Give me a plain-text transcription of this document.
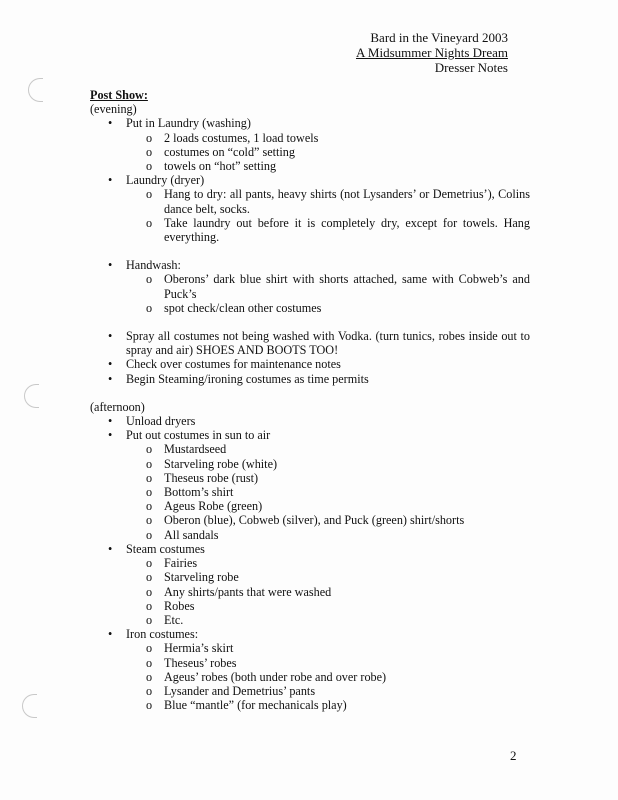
Bard in the Vineyard 2003
A Midsummer Nights Dream
Dresser Notes
Post Show:
(evening)
• Put in Laundry (washing)
o 2 loads costumes, 1 load towels
o costumes on “cold” setting
o towels on “hot” setting
• Laundry (dryer)
o Hang to dry: all pants, heavy shirts (not Lysanders’ or Demetrius’), Colins dance belt, socks.
o Take laundry out before it is completely dry, except for towels. Hang everything.
• Handwash:
o Oberons’ dark blue shirt with shorts attached, same with Cobweb’s and Puck’s
o spot check/clean other costumes
• Spray all costumes not being washed with Vodka. (turn tunics, robes inside out to spray and air) SHOES AND BOOTS TOO!
• Check over costumes for maintenance notes
• Begin Steaming/ironing costumes as time permits
(afternoon)
• Unload dryers
• Put out costumes in sun to air
o Mustardseed
o Starveling robe (white)
o Theseus robe (rust)
o Bottom’s shirt
o Ageus Robe (green)
o Oberon (blue), Cobweb (silver), and Puck (green) shirt/shorts
o All sandals
• Steam costumes
o Fairies
o Starveling robe
o Any shirts/pants that were washed
o Robes
o Etc.
• Iron costumes:
o Hermia’s skirt
o Theseus’ robes
o Ageus’ robes (both under robe and over robe)
o Lysander and Demetrius’ pants
o Blue “mantle” (for mechanicals play)
2
